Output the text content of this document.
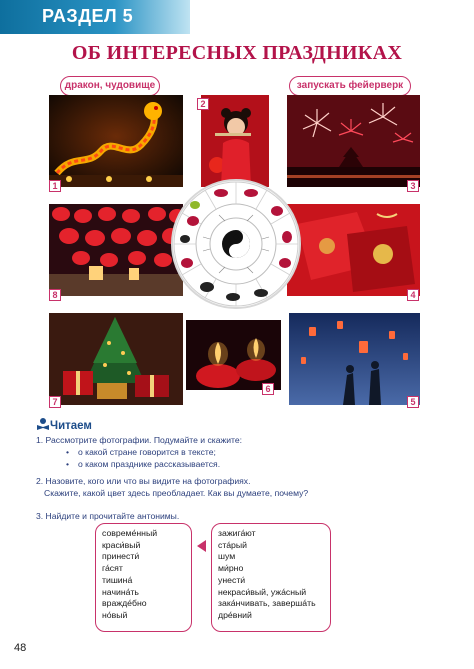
РАЗДЕЛ 5
ОБ ИНТЕРЕСНЫХ ПРАЗДНИКАХ
дракон, чудовище	запускать фейерверк
1
2
3
8	4
7
6
5
Читаем
1. Рассмотрите фотографии. Подумайте и скажите:
• о какой стране говорится в тексте;
• о каком празднике рассказывается.
2. Назовите, кого или что вы видите на фотографиях.
Скажите, какой цвет здесь преобладает. Как вы думаете, почему?
3. Найдите и прочитайте антонимы.
совреме́нный
краси́вый
принести́
га́сят
тишина́
начина́ть
вражде́бно
но́вый
зажига́ют
ста́рый
шум
ми́рно
унести́
некраси́вый, ужа́сный
зака́нчивать, заверша́ть
дре́вний
48
